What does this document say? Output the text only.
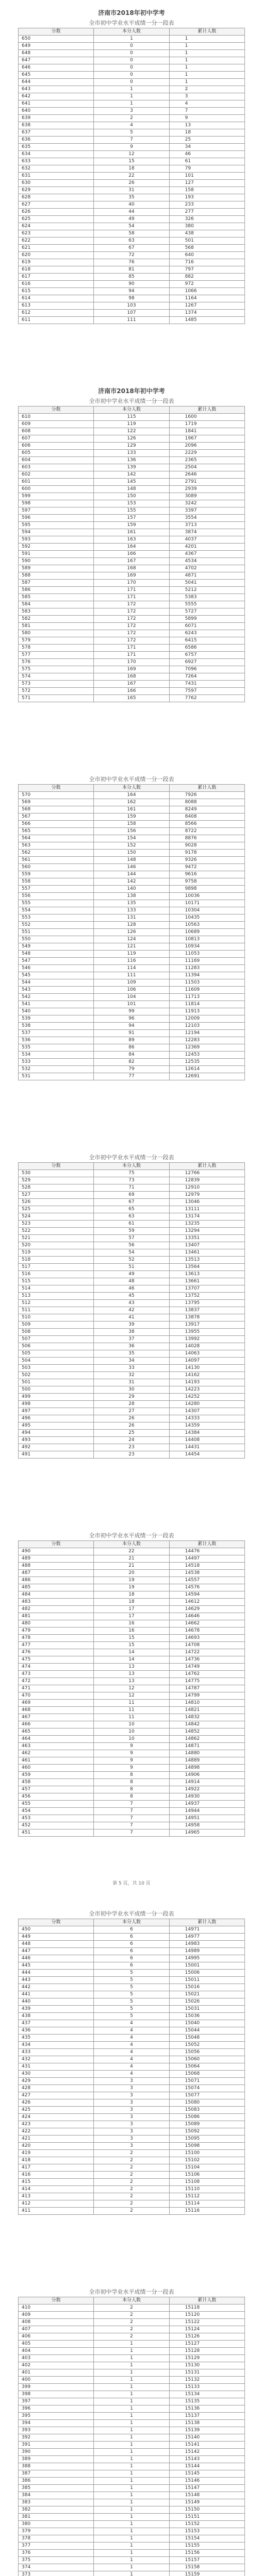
济南市2018年初中学考
全市初中学业水平成绩一分一段表
分数	本分人数	累计人数
650	1	1
649	0	1
648	0	1
647	0	1
646	0	1
645	0	1
644	0	1
643	1	2
642	1	3
641	1	4
640	3	7
639	2	9
638	4	13
637	5	18
636	7	25
635	9	34
634	12	46
633	15	61
632	18	79
631	22	101
630	26	127
629	31	158
628	35	193
627	40	233
626	44	277
625	49	326
624	54	380
623	58	438
622	63	501
621	67	568
620	72	640
619	76	716
618	81	797
617	85	882
616	90	972
615	94	1066
614	98	1164
613	103	1267
612	107	1374
611	111	1485
济南市2018年初中学考
全市初中学业水平成绩一分一段表
分数	本分人数	累计人数
610	115	1600
609	119	1719
608	122	1841
607	126	1967
606	129	2096
605	133	2229
604	136	2365
603	139	2504
602	142	2646
601	145	2791
600	148	2939
599	150	3089
598	153	3242
597	155	3397
596	157	3554
595	159	3713
594	161	3874
593	163	4037
592	164	4201
591	166	4367
590	167	4534
589	168	4702
588	169	4871
587	170	5041
586	171	5212
585	171	5383
584	172	5555
583	172	5727
582	172	5899
581	172	6071
580	172	6243
579	172	6415
578	171	6586
577	171	6757
576	170	6927
575	169	7096
574	168	7264
573	167	7431
572	166	7597
571	165	7762
全市初中学业水平成绩一分一段表
分数	本分人数	累计人数
570	164	7926
569	162	8088
568	161	8249
567	159	8408
566	158	8566
565	156	8722
564	154	8876
563	152	9028
562	150	9178
561	148	9326
560	146	9472
559	144	9616
558	142	9758
557	140	9898
556	138	10036
555	135	10171
554	133	10304
553	131	10435
552	128	10563
551	126	10689
550	124	10813
549	121	10934
548	119	11053
547	116	11169
546	114	11283
545	111	11394
544	109	11503
543	106	11609
542	104	11713
541	101	11814
540	99	11913
539	96	12009
538	94	12103
537	91	12194
536	89	12283
535	86	12369
534	84	12453
533	82	12535
532	79	12614
531	77	12691
全市初中学业水平成绩一分一段表
分数	本分人数	累计人数
530	75	12766
529	73	12839
528	71	12910
527	69	12979
526	67	13046
525	65	13111
524	63	13174
523	61	13235
522	59	13294
521	57	13351
520	56	13407
519	54	13461
518	52	13513
517	51	13564
516	49	13613
515	48	13661
514	46	13707
513	45	13752
512	43	13795
511	42	13837
510	41	13878
509	39	13917
508	38	13955
507	37	13992
506	36	14028
505	35	14063
504	34	14097
503	33	14130
502	32	14162
501	31	14193
500	30	14223
499	29	14252
498	28	14280
497	27	14307
496	26	14333
495	26	14359
494	25	14384
493	24	14408
492	23	14431
491	23	14454
全市初中学业水平成绩一分一段表
分数	本分人数	累计人数
490	22	14476
489	21	14497
488	21	14518
487	20	14538
486	19	14557
485	19	14576
484	18	14594
483	18	14612
482	17	14629
481	17	14646
480	16	14662
479	16	14678
478	15	14693
477	15	14708
476	14	14722
475	14	14736
474	13	14749
473	13	14762
472	13	14775
471	12	14787
470	12	14799
469	11	14810
468	11	14821
467	11	14832
466	10	14842
465	10	14852
464	10	14862
463	9	14871
462	9	14880
461	9	14889
460	9	14898
459	8	14906
458	8	14914
457	8	14922
456	8	14930
455	7	14937
454	7	14944
453	7	14951
452	7	14958
451	7	14965
第 5 页，共 10 页
全市初中学业水平成绩一分一段表
分数	本分人数	累计人数
450	6	14971
449	6	14977
448	6	14983
447	6	14989
446	6	14995
445	6	15001
444	5	15006
443	5	15011
442	5	15016
441	5	15021
440	5	15026
439	5	15031
438	5	15036
437	4	15040
436	4	15044
435	4	15048
434	4	15052
433	4	15056
432	4	15060
431	4	15064
430	4	15068
429	3	15071
428	3	15074
427	3	15077
426	3	15080
425	3	15083
424	3	15086
423	3	15089
422	3	15092
421	3	15095
420	3	15098
419	2	15100
418	2	15102
417	2	15104
416	2	15106
415	2	15108
414	2	15110
413	2	15112
412	2	15114
411	2	15116
全市初中学业水平成绩一分一段表
分数	本分人数	累计人数
410	2	15118
409	2	15120
408	2	15122
407	2	15124
406	2	15126
405	1	15127
404	1	15128
403	1	15129
402	1	15130
401	1	15131
400	1	15132
399	1	15133
398	1	15134
397	1	15135
396	1	15136
395	1	15137
394	1	15138
393	1	15139
392	1	15140
391	1	15141
390	1	15142
389	1	15143
388	1	15144
387	1	15145
386	1	15146
385	1	15147
384	1	15148
383	1	15149
382	1	15150
381	1	15151
380	1	15152
379	1	15153
378	1	15154
377	1	15155
376	1	15156
375	1	15157
374	1	15158
373	1	15159
